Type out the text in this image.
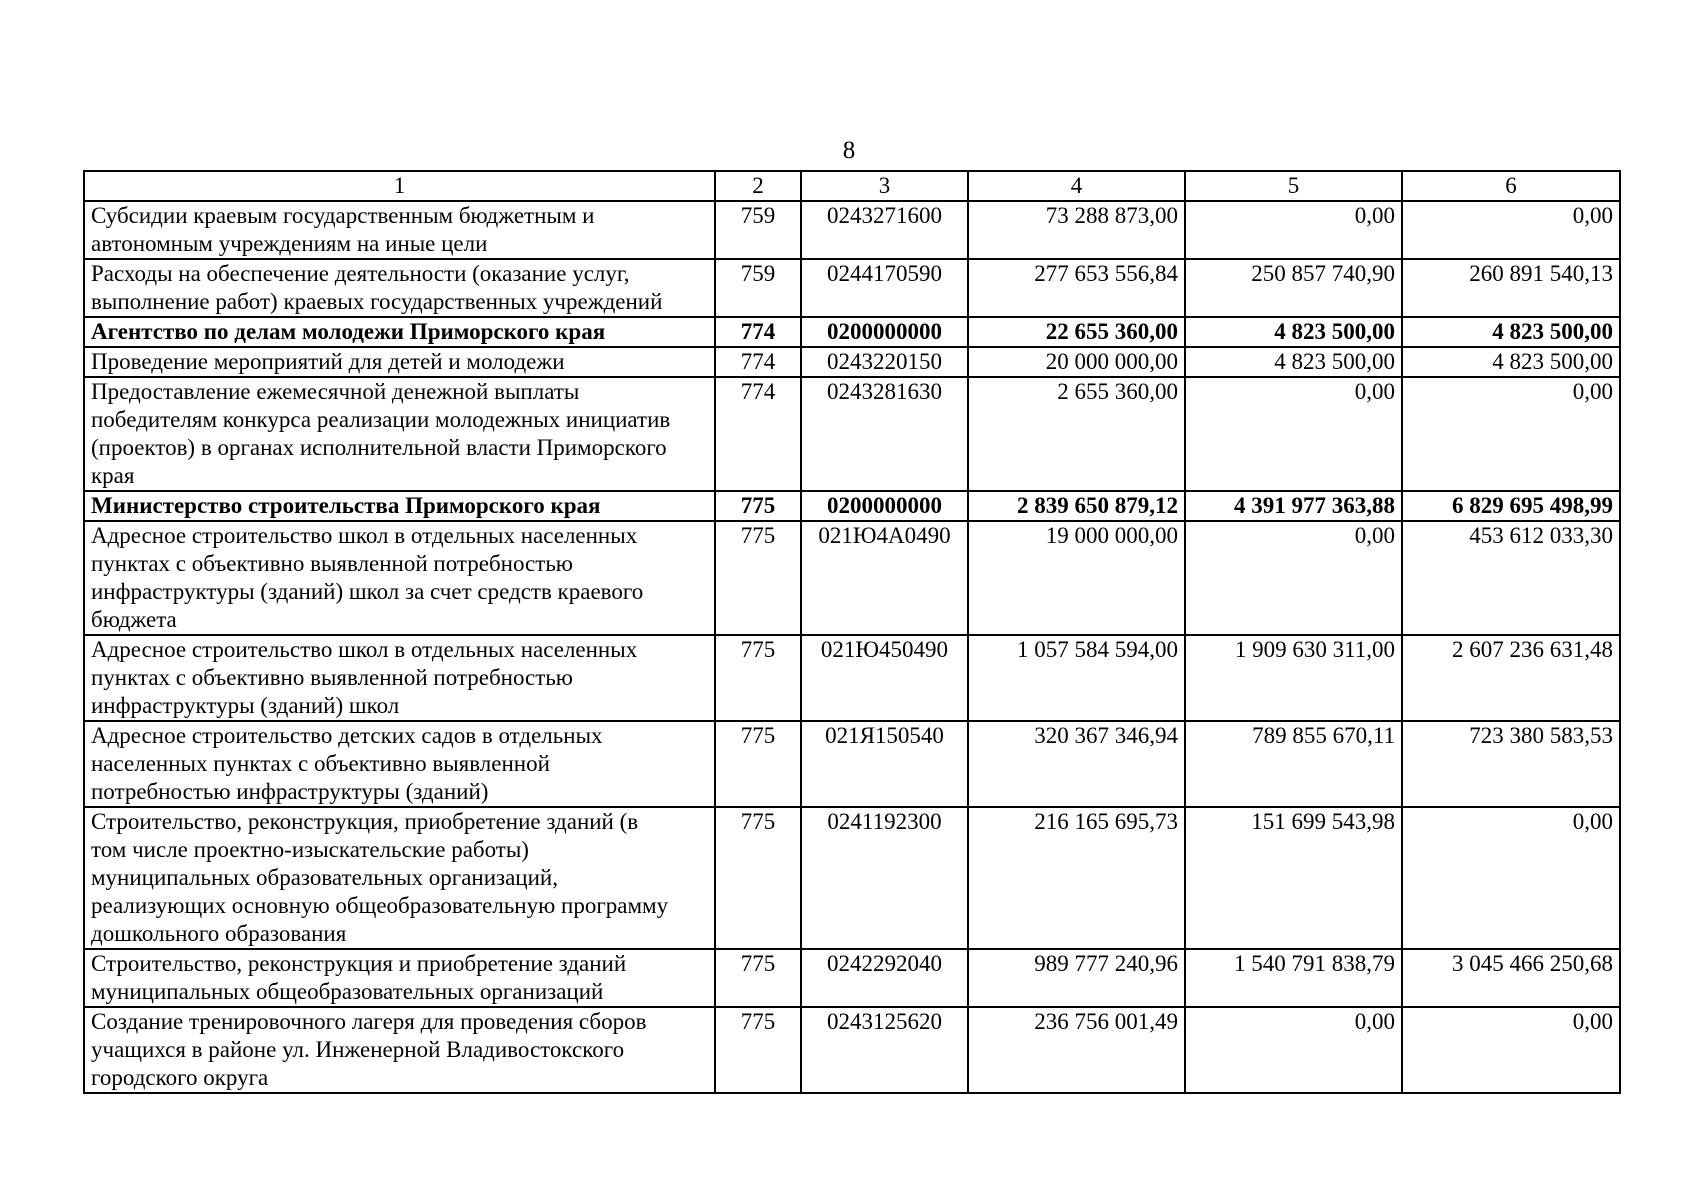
8
1	2	3	4	5	6
Субсидии краевым государственным бюджетным и
автономным учреждениям на иные цели	759	0243271600	73 288 873,00	0,00	0,00
Расходы на обеспечение деятельности (оказание услуг,
выполнение работ) краевых государственных учреждений	759	0244170590	277 653 556,84	250 857 740,90	260 891 540,13
Агентство по делам молодежи Приморского края	774	0200000000	22 655 360,00	4 823 500,00	4 823 500,00
Проведение мероприятий для детей и молодежи	774	0243220150	20 000 000,00	4 823 500,00	4 823 500,00
Предоставление ежемесячной денежной выплаты
победителям конкурса реализации молодежных инициатив
(проектов) в органах исполнительной власти Приморского
края	774	0243281630	2 655 360,00	0,00	0,00
Министерство строительства Приморского края	775	0200000000	2 839 650 879,12	4 391 977 363,88	6 829 695 498,99
Адресное строительство школ в отдельных населенных
пунктах с объективно выявленной потребностью
инфраструктуры (зданий) школ за счет средств краевого
бюджета	775	021Ю4А0490	19 000 000,00	0,00	453 612 033,30
Адресное строительство школ в отдельных населенных
пунктах с объективно выявленной потребностью
инфраструктуры (зданий) школ	775	021Ю450490	1 057 584 594,00	1 909 630 311,00	2 607 236 631,48
Адресное строительство детских садов в отдельных
населенных пунктах с объективно выявленной
потребностью инфраструктуры (зданий)	775	021Я150540	320 367 346,94	789 855 670,11	723 380 583,53
Строительство, реконструкция, приобретение зданий (в
том числе проектно-изыскательские работы)
муниципальных образовательных организаций,
реализующих основную общеобразовательную программу
дошкольного образования	775	0241192300	216 165 695,73	151 699 543,98	0,00
Строительство, реконструкция и приобретение зданий
муниципальных общеобразовательных организаций	775	0242292040	989 777 240,96	1 540 791 838,79	3 045 466 250,68
Создание тренировочного лагеря для проведения сборов
учащихся в районе ул. Инженерной Владивостокского
городского округа	775	0243125620	236 756 001,49	0,00	0,00
